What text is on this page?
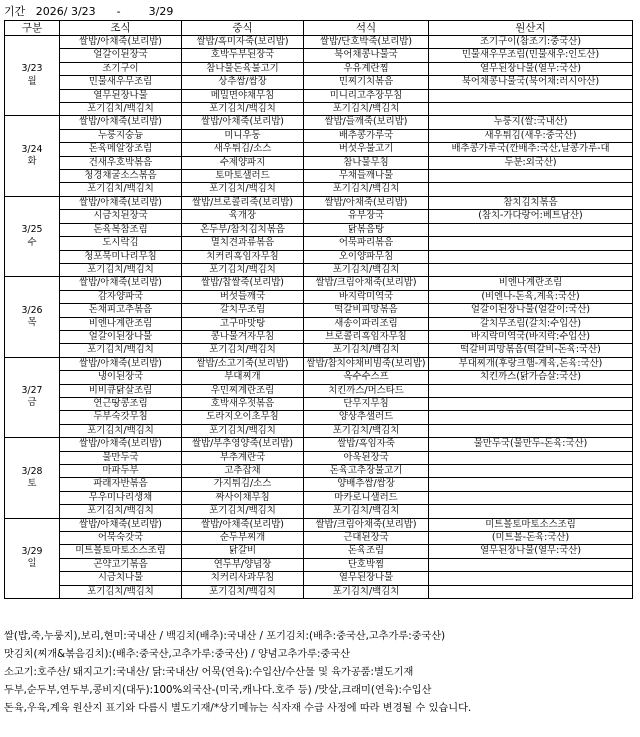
기간 2026/ 3/23 -	3/29
구분	조식	중식	석식	원산지

3/23
월	쌀밥/아채죽(보리밥)	쌀밥/흑미자죽(보리밥)	쌀밥/단호박죽(보리밥)	조기구이(참조기:중국산)
	얼갈이된장국	호박두부된장국	북어채콩나물국	민물새우무조림(민물새우:인도산)
	조기구이	참나물돈육불고기	우유계란찜	열무된장나물(열무:국산)
	민물새우무조림	상추쌈/쌈장	민찌기치볶음	북어채콩나물국(북어채:러시아산)
	열무된장나물	메밀면야채무침	미니리고추장무침	
	포기김치/백김치	포기김치/백김치	포기김치/백김치	

3/24
화	쌀밥/아채죽(보리밥)	쌀밥/아채죽(보리밥)	쌀밥/들깨죽(보리밥)	누룽지(쌀:국내산)
	누룽지숭늉	미니우동	배추콩가루국	새우튀김(새우:중국산)
	돈육메알장조림	새우튀김/소스	버섯우불고기	배추콩가루국(깐배추:국산,날콩가루-대
	건새우호박볶음	수제양파지	참나물무침	두분:외국산)
	청경채굴소스볶음	토마토샐러드	무채들깨나물	
	포기김치/백김치	포기김치/백김치	포기김치/백김치	

3/25
수	쌀밥/아채죽(보리밥)	쌀밥/브로콜리죽(보리밥)	쌀밥/아채죽(보리밥)	참치김치볶음
	시금치된장국	육개장	유부장국	(참치-가다랑어:베트남산)
	돈육복참조림	온두부/참치김치볶음	닭볶음탕	
	도시락김	멸치견과류볶음	어묵파리볶음	
	청포묵미나리무침	치커리흑임자무침	오이양파무침	
	포기김치/백김치	포기김치/백김치	포기김치/백김치	

3/26
목	쌀밥/아채죽(보리밥)	쌀밥/찹쌀죽(보리밥)	쌀밥/크림아채죽(보리밥)	비엔나계란조림
	감자양파국	버섯들깨국	바지락미역국	(비엔나-돈육,계육:국산)
	돈채피고추볶음	갈치무조림	떡갈비피망볶음	얼갈이된장나물(얼갈이:국산)
	비엔나계란조림	고구마맛탕	새송이파리조림	갈치무조림(갈치:수입산)
	얼갈이된장나물	콩나물겨자무침	브로콜리흑임자무침	바지락미역국(바지락:수입산)
	포기김치/백김치	포기김치/백김치	포기김치/백김치	떡갈비피망볶음(떡갈비-돈육:국산)

3/27
금	쌀밥/아채죽(보리밥)	쌀밥/소고기죽(보리밥)	쌀밥/참치야채비빔죽(보리밥)	부대찌개(후랑크햄-계육,돈육:국산)
	냉이된장국	부대찌개	옥수수스프	치킨까스(닭가슴살:국산)
	비비큐닭살조림	우민찌계란조림	치킨까스/머스타드	
	연근땅콩조림	호박새우젓볶음	단무지무침	
	두부숙갓무침	도라지오이초무침	양상추샐러드	
	포기김치/백김치	포기김치/백김치	포기김치/백김치	

3/28
토	쌀밥/아채죽(보리밥)	쌀밥/부추영양죽(보리밥)	쌀밥/흑임자죽	물만두국(물만두-돈육:국산)
	물만두국	부추계란국	아욱된장국	
	마파두부	고추잡채	돈육고추장불고기	
	파래자반볶음	가지튀김/소스	양배추쌈/쌈장	
	무우미나리생채	짜사이채무침	마카로니샐러드	
	포기김치/백김치	포기김치/백김치	포기김치/백김치	

3/29
일	쌀밥/아채죽(보리밥)	쌀밥/아채죽(보리밥)	쌀밥/크림아채죽(보리밥)	미트볼토마토소스조림
	어묵숙갓국	순두부찌개	근대된장국	(미트볼-돈육:국산)
	미트볼토마토소스조림	닭갈비	돈육조림	열무된장나물(열무:국산)
	곤약고기볶음	연두부/양념장	단호박찜	
	시금치나물	치커리사과무침	열무된장나물	
	포기김치/백김치	포기김치/백김치	포기김치/백김치	
쌀(밥,죽,누룽지),보리,현미:국내산 / 백김치(배추):국내산 / 포기김치:(배추:중국산,고추가루:중국산)
맛김치(찌개&볶음김치):(배추:중국산,고추가루:중국산) / 양념고추가루:중국산
소고기:호주산/ 돼지고기:국내산/ 닭:국내산/ 어묵(연육):수입산/수산물 및 육가공품:별도기재
두부,순두부,연두부,콩비지(대두):100%외국산-(미국,캐나다.호주 등) /맛살,크래미(연육):수입산
돈육,우육,계육 원산지 표기와 다름시 별도기재/*상기메뉴는 식자재 수급 사정에 따라 변경될 수 있습니다.
